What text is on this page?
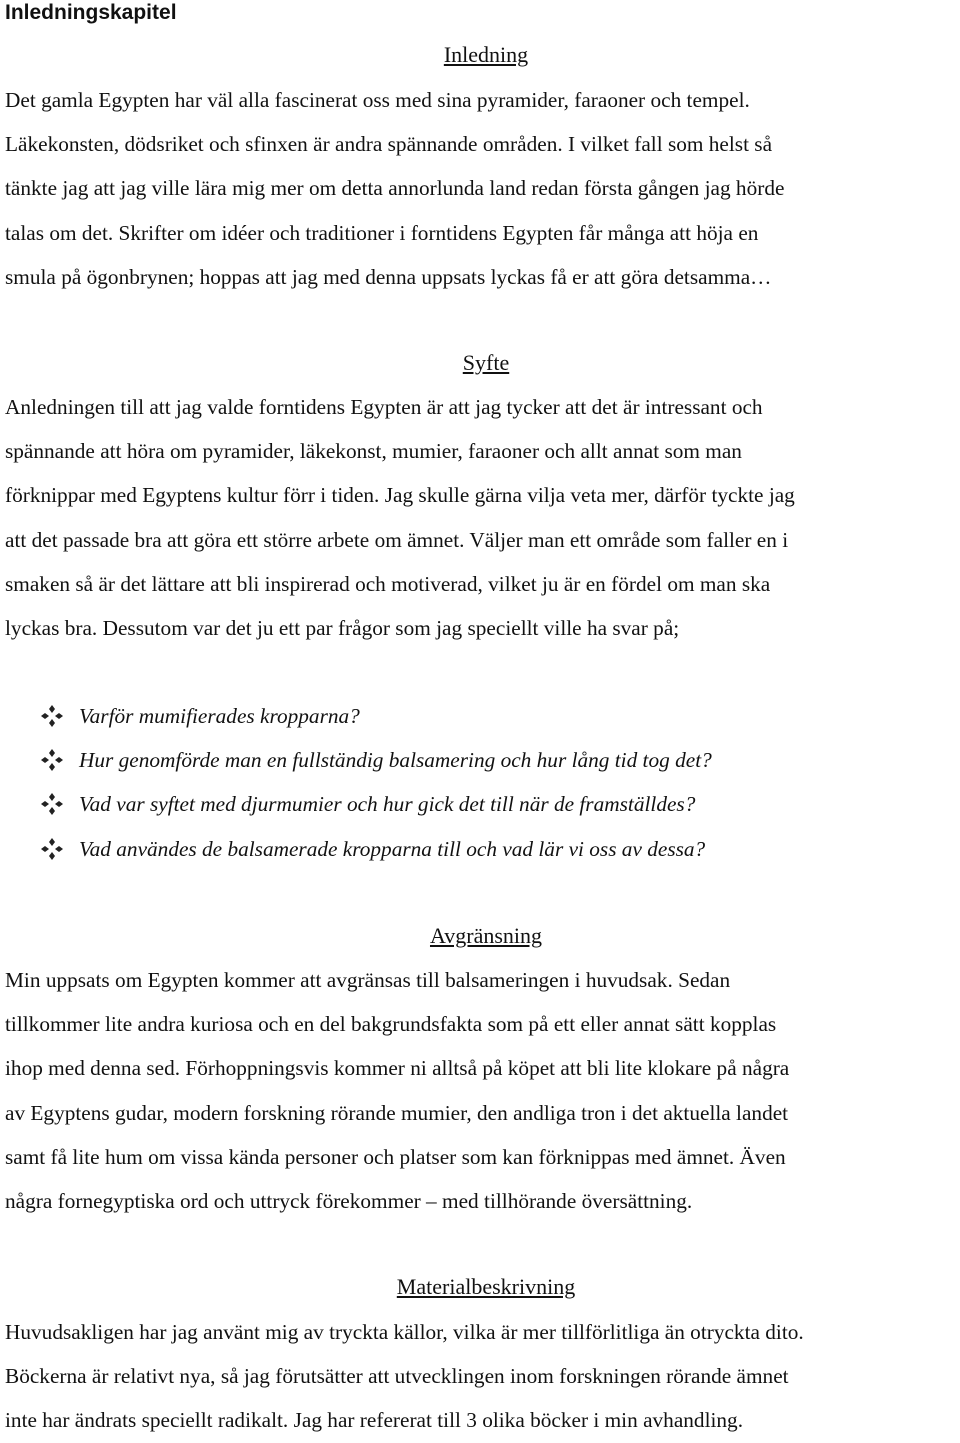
Inledningskapitel
Inledning
Det gamla Egypten har väl alla fascinerat oss med sina pyramider, faraoner och tempel.
Läkekonsten, dödsriket och sfinxen är andra spännande områden. I vilket fall som helst så
tänkte jag att jag ville lära mig mer om detta annorlunda land redan första gången jag hörde
talas om det. Skrifter om idéer och traditioner i forntidens Egypten får många att höja en
smula på ögonbrynen; hoppas att jag med denna uppsats lyckas få er att göra detsamma…
Syfte
Anledningen till att jag valde forntidens Egypten är att jag tycker att det är intressant och
spännande att höra om pyramider, läkekonst, mumier, faraoner och allt annat som man
förknippar med Egyptens kultur förr i tiden. Jag skulle gärna vilja veta mer, därför tyckte jag
att det passade bra att göra ett större arbete om ämnet. Väljer man ett område som faller en i
smaken så är det lättare att bli inspirerad och motiverad, vilket ju är en fördel om man ska
lyckas bra. Dessutom var det ju ett par frågor som jag speciellt ville ha svar på;
Varför mumifierades kropparna?
Hur genomförde man en fullständig balsamering och hur lång tid tog det?
Vad var syftet med djurmumier och hur gick det till när de framställdes?
Vad användes de balsamerade kropparna till och vad lär vi oss av dessa?
Avgränsning
Min uppsats om Egypten kommer att avgränsas till balsameringen i huvudsak. Sedan
tillkommer lite andra kuriosa och en del bakgrundsfakta som på ett eller annat sätt kopplas
ihop med denna sed. Förhoppningsvis kommer ni alltså på köpet att bli lite klokare på några
av Egyptens gudar, modern forskning rörande mumier, den andliga tron i det aktuella landet
samt få lite hum om vissa kända personer och platser som kan förknippas med ämnet. Även
några fornegyptiska ord och uttryck förekommer – med tillhörande översättning.
Materialbeskrivning
Huvudsakligen har jag använt mig av tryckta källor, vilka är mer tillförlitliga än otryckta dito.
Böckerna är relativt nya, så jag förutsätter att utvecklingen inom forskningen rörande ämnet
inte har ändrats speciellt radikalt. Jag har refererat till 3 olika böcker i min avhandling.
